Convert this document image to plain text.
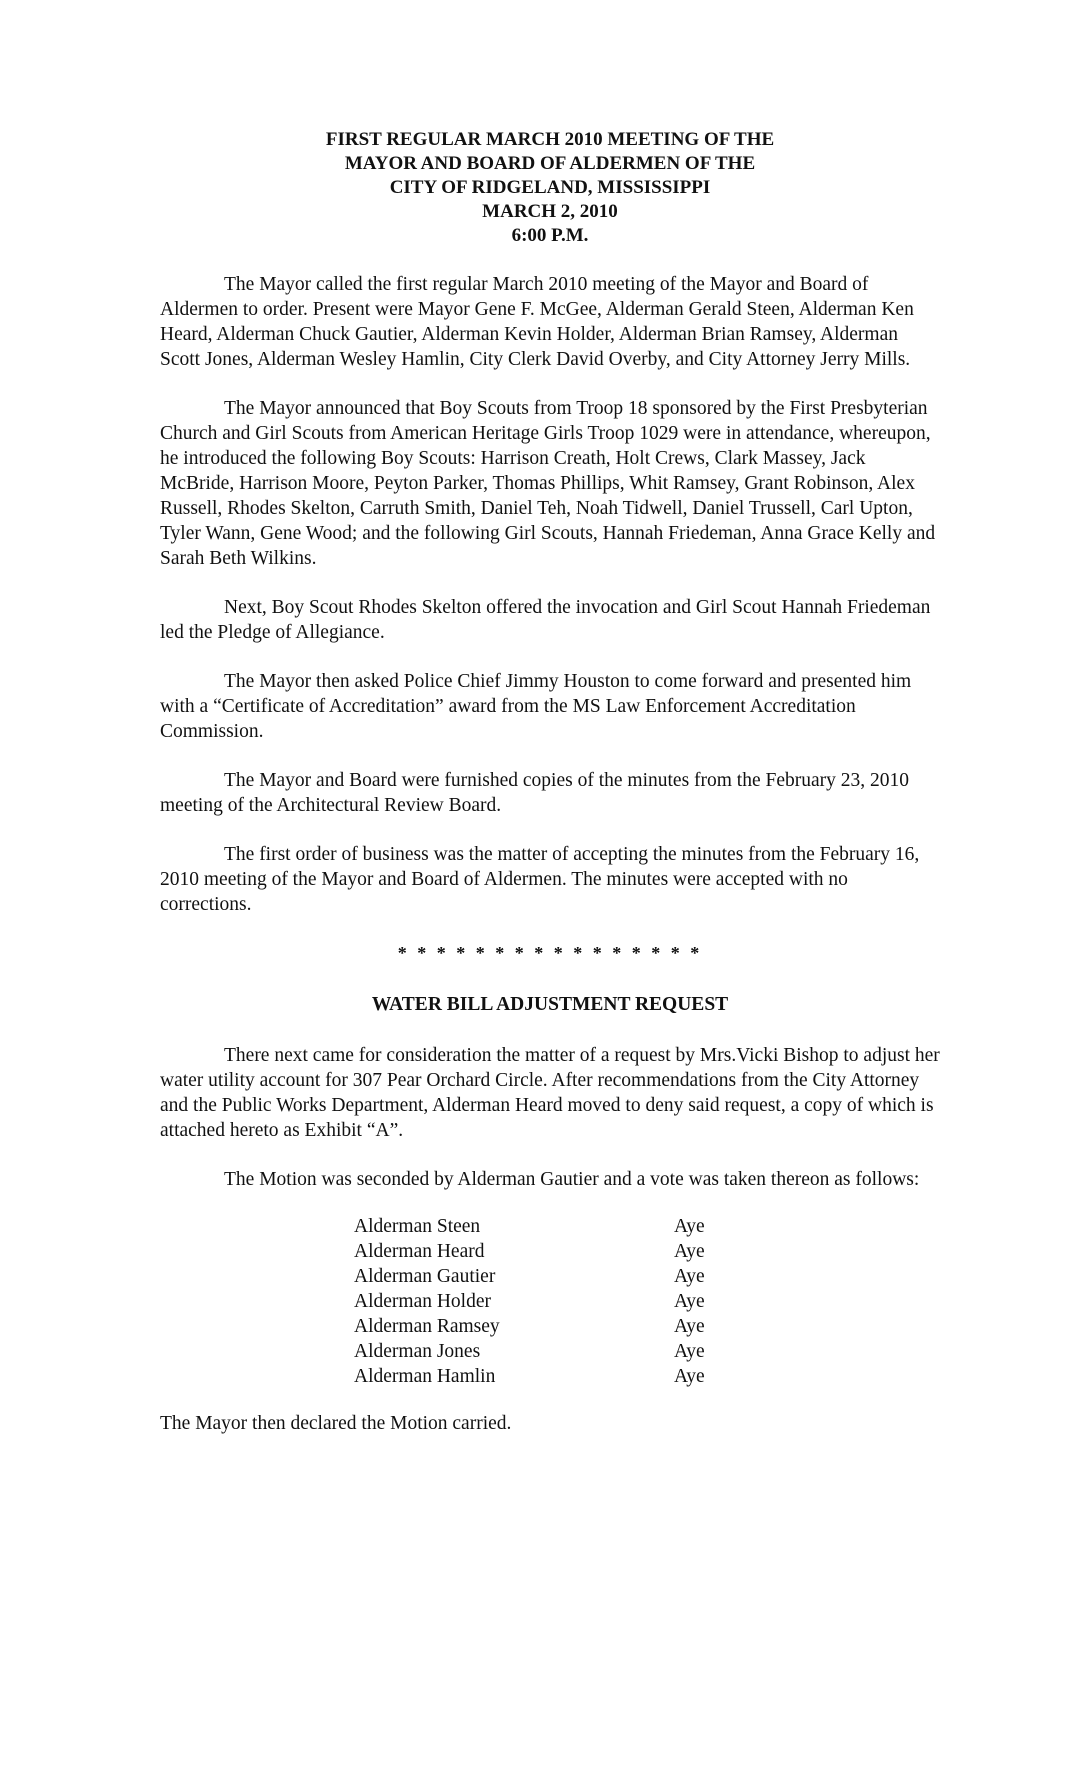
FIRST REGULAR MARCH 2010 MEETING OF THE
MAYOR AND BOARD OF ALDERMEN OF THE
CITY OF RIDGELAND, MISSISSIPPI
MARCH 2, 2010
6:00 P.M.

The Mayor called the first regular March 2010 meeting of the Mayor and Board of Aldermen to order. Present were Mayor Gene F. McGee, Alderman Gerald Steen, Alderman Ken Heard, Alderman Chuck Gautier, Alderman Kevin Holder, Alderman Brian Ramsey, Alderman Scott Jones, Alderman Wesley Hamlin, City Clerk David Overby, and City Attorney Jerry Mills.

The Mayor announced that Boy Scouts from Troop 18 sponsored by the First Presbyterian Church and Girl Scouts from American Heritage Girls Troop 1029 were in attendance, whereupon, he introduced the following Boy Scouts: Harrison Creath, Holt Crews, Clark Massey, Jack McBride, Harrison Moore, Peyton Parker, Thomas Phillips, Whit Ramsey, Grant Robinson, Alex Russell, Rhodes Skelton, Carruth Smith, Daniel Teh, Noah Tidwell, Daniel Trussell, Carl Upton, Tyler Wann, Gene Wood; and the following Girl Scouts, Hannah Friedeman, Anna Grace Kelly and Sarah Beth Wilkins.

Next, Boy Scout Rhodes Skelton offered the invocation and Girl Scout Hannah Friedeman led the Pledge of Allegiance.

The Mayor then asked Police Chief Jimmy Houston to come forward and presented him with a “Certificate of Accreditation” award from the MS Law Enforcement Accreditation Commission.

The Mayor and Board were furnished copies of the minutes from the February 23, 2010 meeting of the Architectural Review Board.

The first order of business was the matter of accepting the minutes from the February 16, 2010 meeting of the Mayor and Board of Aldermen. The minutes were accepted with no corrections.

* * * * * * * * * * * * * * * *
WATER BILL ADJUSTMENT REQUEST

There next came for consideration the matter of a request by Mrs.Vicki Bishop to adjust her water utility account for 307 Pear Orchard Circle. After recommendations from the City Attorney and the Public Works Department, Alderman Heard moved to deny said request, a copy of which is attached hereto as Exhibit “A”.

The Motion was seconded by Alderman Gautier and a vote was taken thereon as follows:

Alderman Steen	Aye
Alderman Heard	Aye
Alderman Gautier	Aye
Alderman Holder	Aye
Alderman Ramsey	Aye
Alderman Jones	Aye
Alderman Hamlin	Aye

The Mayor then declared the Motion carried.
